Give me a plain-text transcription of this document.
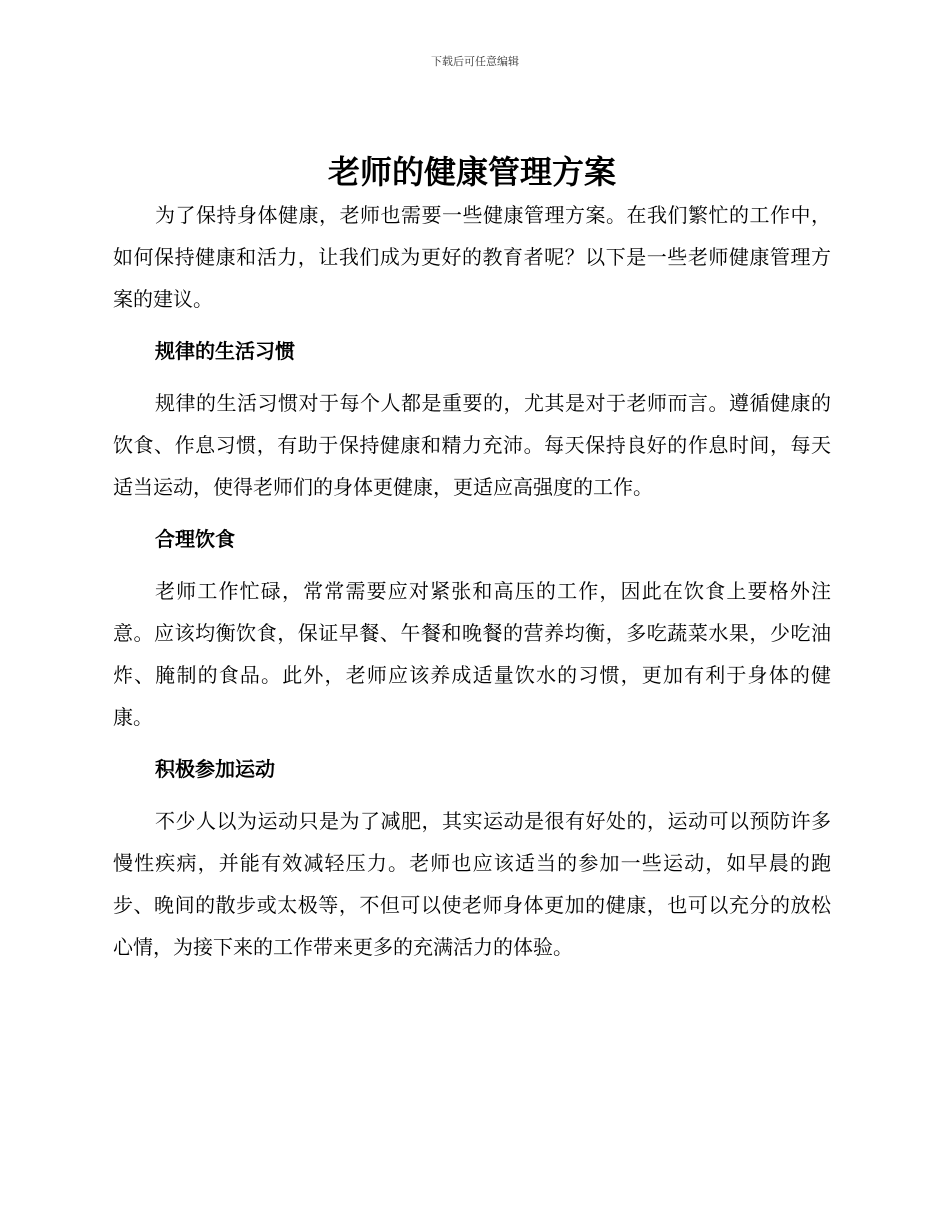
下载后可任意编辑
老师的健康管理方案

为了保持身体健康，老师也需要一些健康管理方案。在我们繁忙的工作中，如何保持健康和活力，让我们成为更好的教育者呢？以下是一些老师健康管理方案的建议。

规律的生活习惯

规律的生活习惯对于每个人都是重要的，尤其是对于老师而言。遵循健康的饮食、作息习惯，有助于保持健康和精力充沛。每天保持良好的作息时间，每天适当运动，使得老师们的身体更健康，更适应高强度的工作。

合理饮食

老师工作忙碌，常常需要应对紧张和高压的工作，因此在饮食上要格外注意。应该均衡饮食，保证早餐、午餐和晚餐的营养均衡，多吃蔬菜水果，少吃油炸、腌制的食品。此外，老师应该养成适量饮水的习惯，更加有利于身体的健康。

积极参加运动

不少人以为运动只是为了减肥，其实运动是很有好处的，运动可以预防许多慢性疾病，并能有效减轻压力。老师也应该适当的参加一些运动，如早晨的跑步、晚间的散步或太极等，不但可以使老师身体更加的健康，也可以充分的放松心情，为接下来的工作带来更多的充满活力的体验。
